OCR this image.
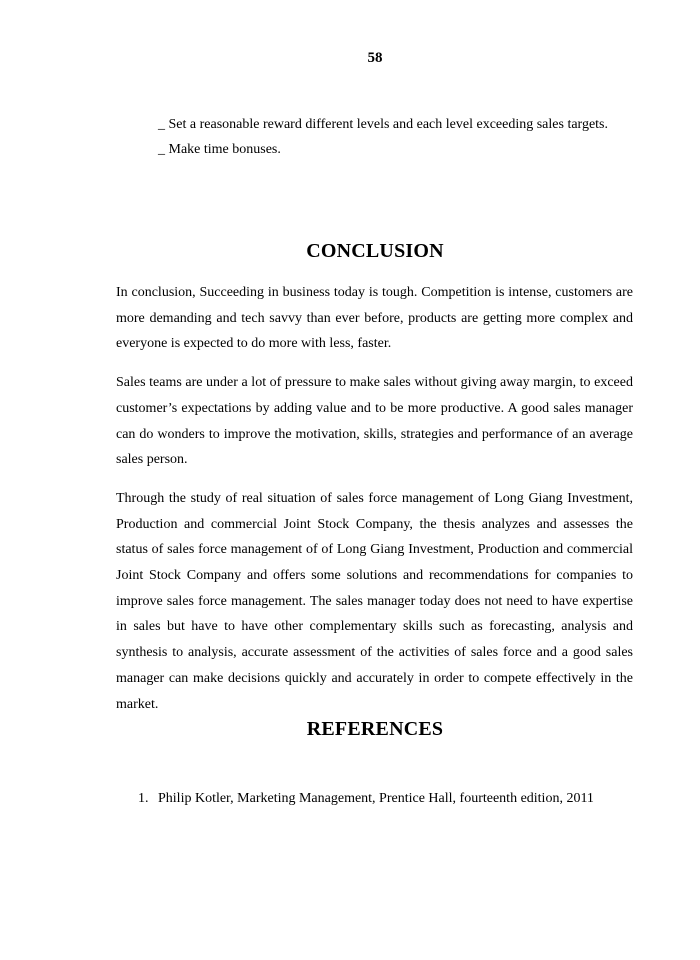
58

_ Set a reasonable reward different levels and each level exceeding sales targets.

_ Make time bonuses.

CONCLUSION

In conclusion, Succeeding in business today is tough. Competition is intense, customers are more demanding and tech savvy than ever before, products are getting more complex and everyone is expected to do more with less, faster.

Sales teams are under a lot of pressure to make sales without giving away margin, to exceed customer’s expectations by adding value and to be more productive. A good sales manager can do wonders to improve the motivation, skills, strategies and performance of an average sales person.

Through the study of real situation of sales force management of Long Giang Investment, Production and commercial Joint Stock Company, the thesis analyzes and assesses the status of sales force management of of Long Giang Investment, Production and commercial Joint Stock Company and offers some solutions and recommendations for companies to improve sales force management. The sales manager today does not need to have expertise in sales but have to have other complementary skills such as forecasting, analysis and synthesis to analysis, accurate assessment of the activities of sales force and a good sales manager can make decisions quickly and accurately in order to compete effectively in the market.

REFERENCES
1. Philip Kotler, Marketing Management, Prentice Hall, fourteenth edition, 2011
